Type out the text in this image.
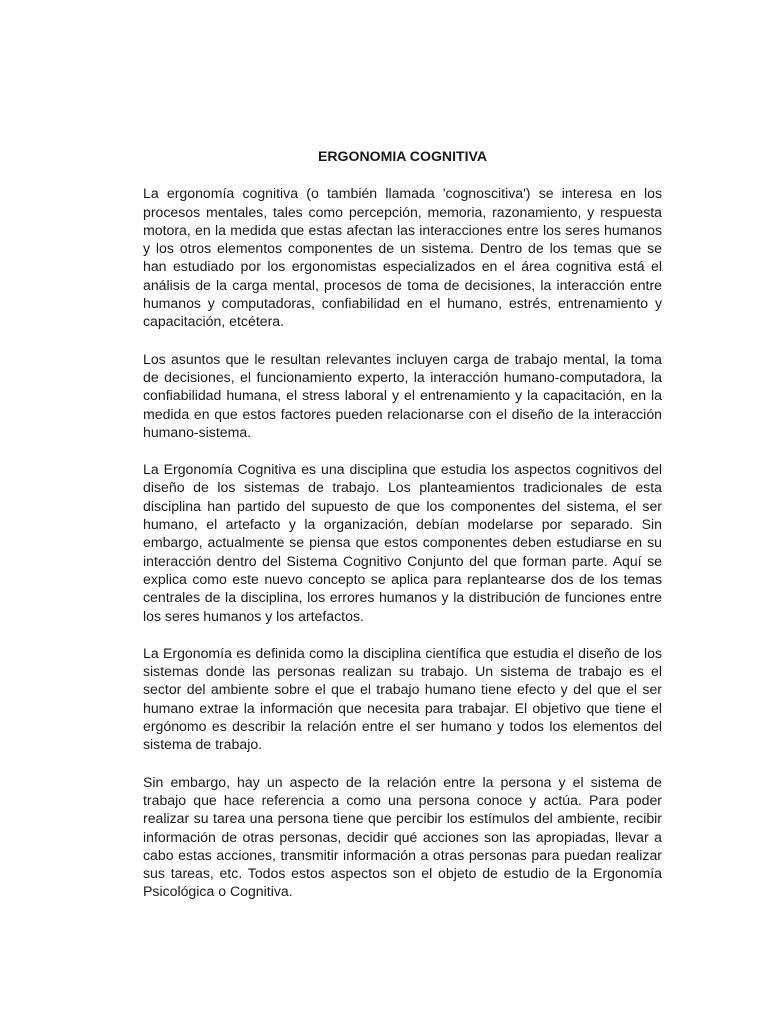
ERGONOMIA COGNITIVA

La ergonomía cognitiva (o también llamada 'cognoscitiva') se interesa en los procesos mentales, tales como percepción, memoria, razonamiento, y respuesta motora, en la medida que estas afectan las interacciones entre los seres humanos y los otros elementos componentes de un sistema. Dentro de los temas que se han estudiado por los ergonomistas especializados en el área cognitiva está el análisis de la carga mental, procesos de toma de decisiones, la interacción entre humanos y computadoras, confiabilidad en el humano, estrés, entrenamiento y capacitación, etcétera.

Los asuntos que le resultan relevantes incluyen carga de trabajo mental, la toma de decisiones, el funcionamiento experto, la interacción humano-computadora, la confiabilidad humana, el stress laboral y el entrenamiento y la capacitación, en la medida en que estos factores pueden relacionarse con el diseño de la interacción humano-sistema.

La Ergonomía Cognitiva es una disciplina que estudia los aspectos cognitivos del diseño de los sistemas de trabajo. Los planteamientos tradicionales de esta disciplina han partido del supuesto de que los componentes del sistema, el ser humano, el artefacto y la organización, debían modelarse por separado. Sin embargo, actualmente se piensa que estos componentes deben estudiarse en su interacción dentro del Sistema Cognitivo Conjunto del que forman parte. Aquí se explica como este nuevo concepto se aplica para replantearse dos de los temas centrales de la disciplina, los errores humanos y la distribución de funciones entre los seres humanos y los artefactos.

La Ergonomía es definida como la disciplina científica que estudia el diseño de los sistemas donde las personas realizan su trabajo. Un sistema de trabajo es el sector del ambiente sobre el que el trabajo humano tiene efecto y del que el ser humano extrae la información que necesita para trabajar. El objetivo que tiene el ergónomo es describir la relación entre el ser humano y todos los elementos del sistema de trabajo.

Sin embargo, hay un aspecto de la relación entre la persona y el sistema de trabajo que hace referencia a como una persona conoce y actúa. Para poder realizar su tarea una persona tiene que percibir los estímulos del ambiente, recibir información de otras personas, decidir qué acciones son las apropiadas, llevar a cabo estas acciones, transmitir información a otras personas para puedan realizar sus tareas, etc. Todos estos aspectos son el objeto de estudio de la Ergonomía Psicológica o Cognitiva.
